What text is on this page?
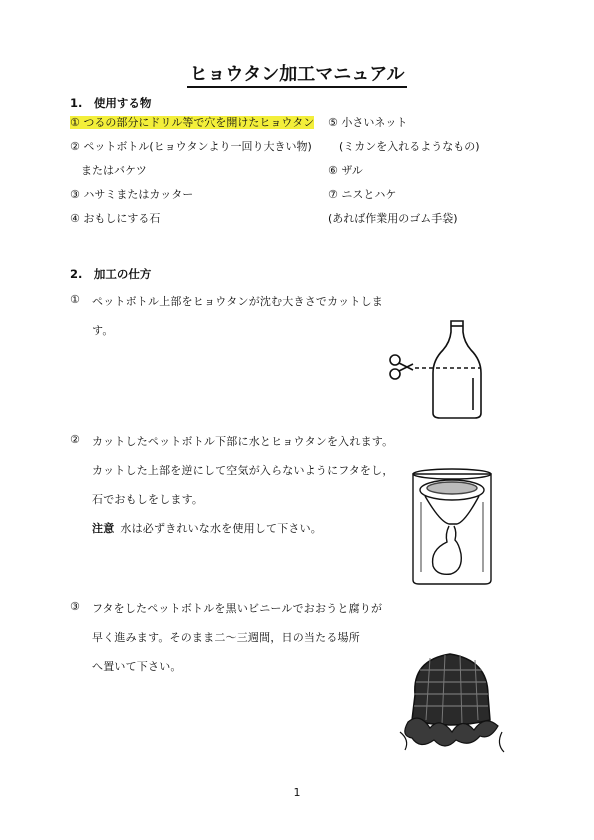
ヒョウタン加工マニュアル
1.　使用する物
① つるの部分にドリル等で穴を開けたヒョウタン
② ペットボトル(ヒョウタンより一回り大きい物)
　またはバケツ
③ ハサミまたはカッター
④ おもしにする石
⑤ 小さいネット
　(ミカンを入れるようなもの)
⑥ ザル
⑦ ニスとハケ
(あれば作業用のゴム手袋)
2.　加工の仕方
①	ペットボトル上部をヒョウタンが沈む大きさでカットしま
す。
②	カットしたペットボトル下部に水とヒョウタンを入れます。
カットした上部を逆にして空気が入らないようにフタをし，
石でおもしをします。
注意 水は必ずきれいな水を使用して下さい。
③	フタをしたペットボトルを黒いビニールでおおうと腐りが
早く進みます。そのまま二～三週間，日の当たる場所
へ置いて下さい。
1
